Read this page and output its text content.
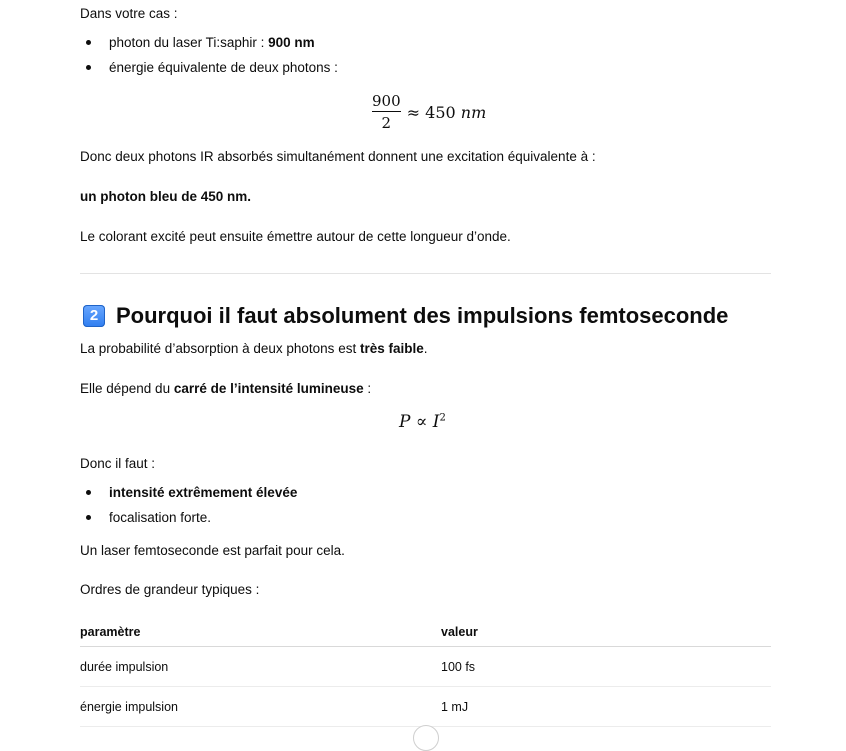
Dans votre cas :

photon du laser Ti:saphir : 900 nm
énergie équivalente de deux photons :
$\frac{900}{2} \approx 450$ nm

Donc deux photons IR absorbés simultanément donnent une excitation équivalente à :

un photon bleu de 450 nm.

Le colorant excité peut ensuite émettre autour de cette longueur d’onde.

2 Pourquoi il faut absolument des impulsions femtoseconde

La probabilité d’absorption à deux photons est très faible.

Elle dépend du carré de l’intensité lumineuse :

$P \propto I^2$

Donc il faut :

intensité extrêmement élevée
focalisation forte.

Un laser femtoseconde est parfait pour cela.

Ordres de grandeur typiques :

paramètre	valeur
durée impulsion	100 fs
énergie impulsion	1 mJ
